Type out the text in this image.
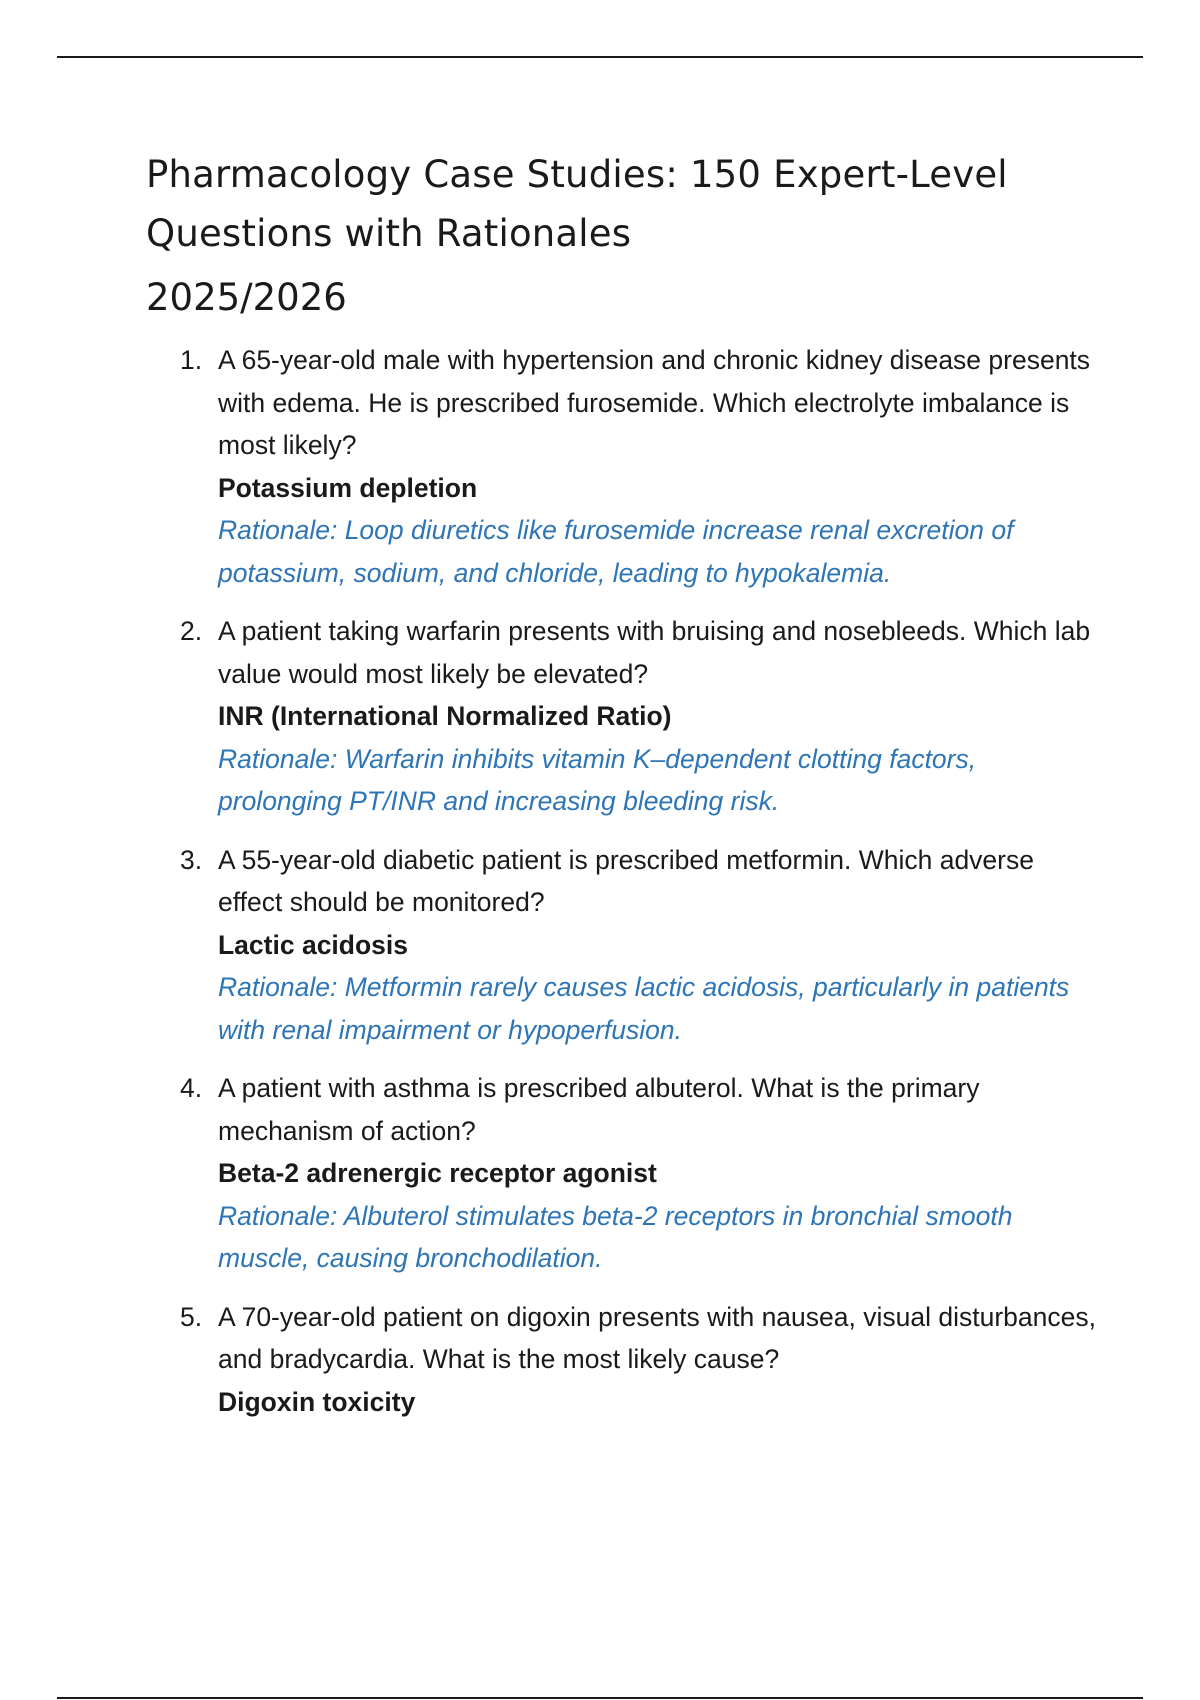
Pharmacology Case Studies: 150 Expert-Level Questions with Rationales
2025/2026
1. A 65-year-old male with hypertension and chronic kidney disease presents with edema. He is prescribed furosemide. Which electrolyte imbalance is most likely?
Potassium depletion
Rationale: Loop diuretics like furosemide increase renal excretion of potassium, sodium, and chloride, leading to hypokalemia.
2. A patient taking warfarin presents with bruising and nosebleeds. Which lab value would most likely be elevated?
INR (International Normalized Ratio)
Rationale: Warfarin inhibits vitamin K–dependent clotting factors, prolonging PT/INR and increasing bleeding risk.
3. A 55-year-old diabetic patient is prescribed metformin. Which adverse effect should be monitored?
Lactic acidosis
Rationale: Metformin rarely causes lactic acidosis, particularly in patients with renal impairment or hypoperfusion.
4. A patient with asthma is prescribed albuterol. What is the primary mechanism of action?
Beta-2 adrenergic receptor agonist
Rationale: Albuterol stimulates beta-2 receptors in bronchial smooth muscle, causing bronchodilation.
5. A 70-year-old patient on digoxin presents with nausea, visual disturbances, and bradycardia. What is the most likely cause?
Digoxin toxicity
